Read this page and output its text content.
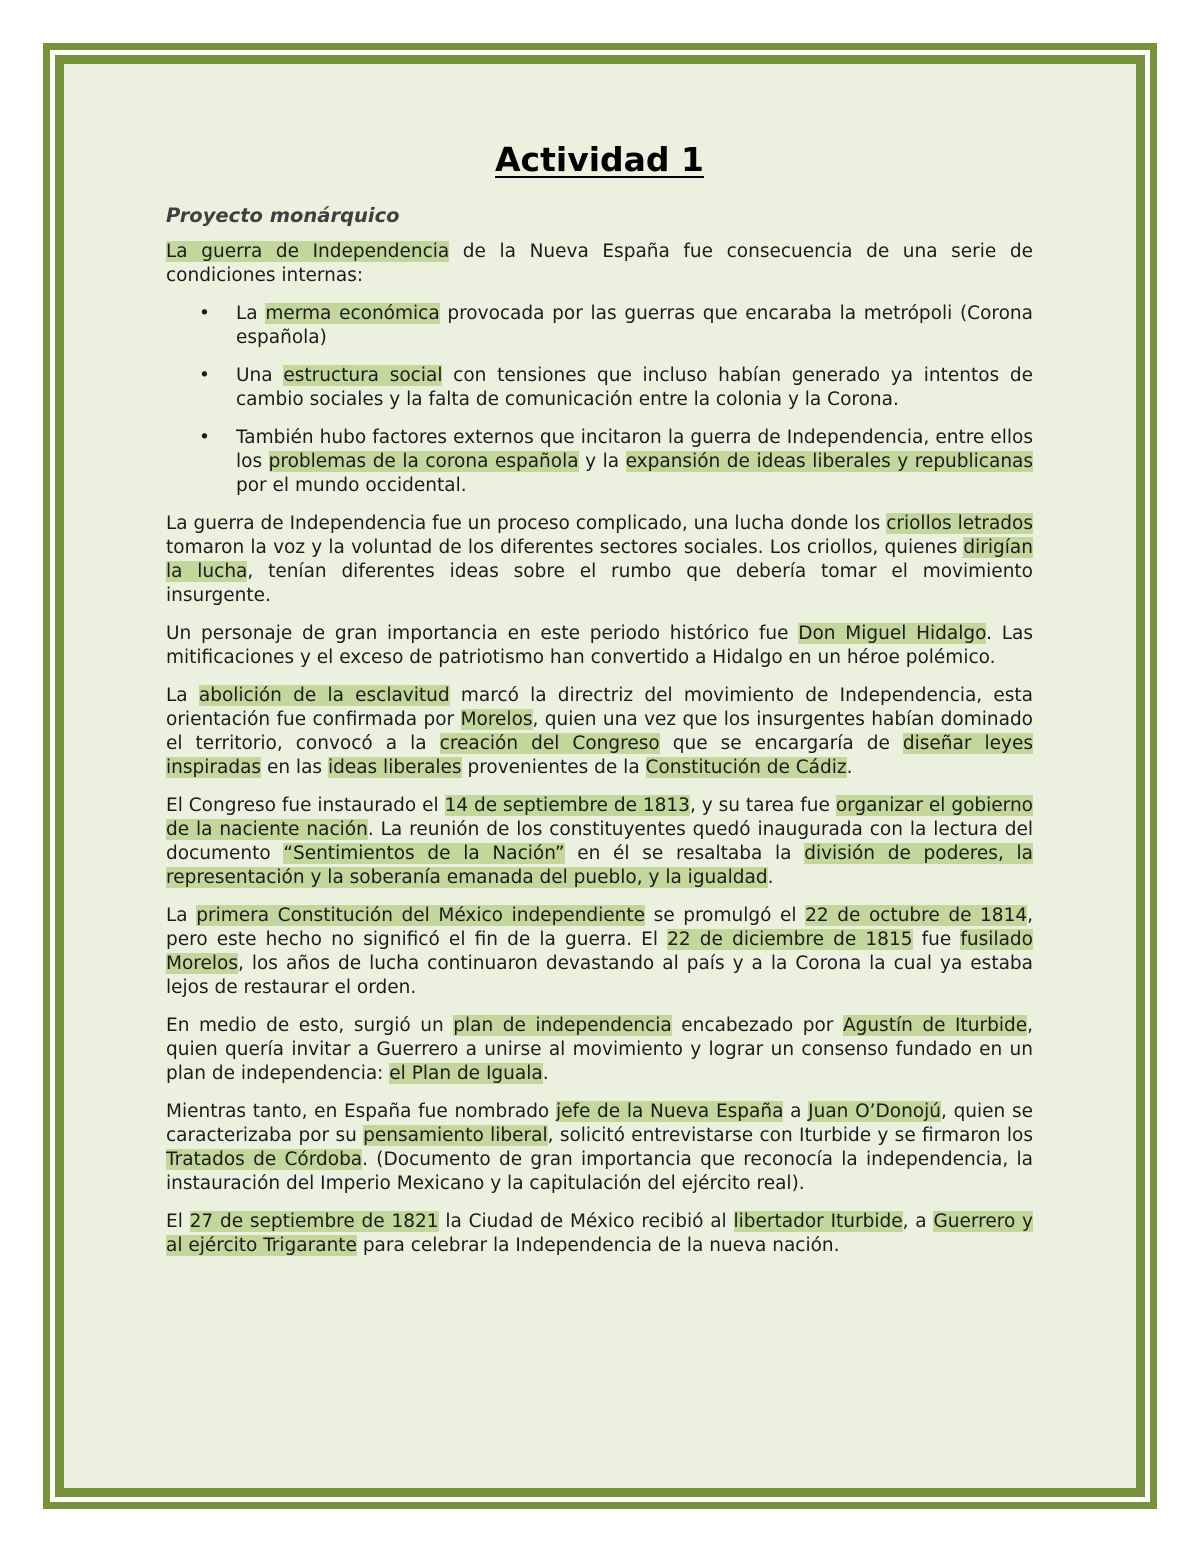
Actividad 1
Proyecto monárquico

La guerra de Independencia de la Nueva España fue consecuencia de una serie de condiciones internas:

• La merma económica provocada por las guerras que encaraba la metrópoli (Corona española)
• Una estructura social con tensiones que incluso habían generado ya intentos de cambio sociales y la falta de comunicación entre la colonia y la Corona.
• También hubo factores externos que incitaron la guerra de Independencia, entre ellos los problemas de la corona española y la expansión de ideas liberales y republicanas por el mundo occidental.

La guerra de Independencia fue un proceso complicado, una lucha donde los criollos letrados tomaron la voz y la voluntad de los diferentes sectores sociales. Los criollos, quienes dirigían la lucha, tenían diferentes ideas sobre el rumbo que debería tomar el movimiento insurgente.

Un personaje de gran importancia en este periodo histórico fue Don Miguel Hidalgo. Las mitificaciones y el exceso de patriotismo han convertido a Hidalgo en un héroe polémico.

La abolición de la esclavitud marcó la directriz del movimiento de Independencia, esta orientación fue confirmada por Morelos, quien una vez que los insurgentes habían dominado el territorio, convocó a la creación del Congreso que se encargaría de diseñar leyes inspiradas en las ideas liberales provenientes de la Constitución de Cádiz.

El Congreso fue instaurado el 14 de septiembre de 1813, y su tarea fue organizar el gobierno de la naciente nación. La reunión de los constituyentes quedó inaugurada con la lectura del documento “Sentimientos de la Nación” en él se resaltaba la división de poderes, la representación y la soberanía emanada del pueblo, y la igualdad.

La primera Constitución del México independiente se promulgó el 22 de octubre de 1814, pero este hecho no significó el fin de la guerra. El 22 de diciembre de 1815 fue fusilado Morelos, los años de lucha continuaron devastando al país y a la Corona la cual ya estaba lejos de restaurar el orden.

En medio de esto, surgió un plan de independencia encabezado por Agustín de Iturbide, quien quería invitar a Guerrero a unirse al movimiento y lograr un consenso fundado en un plan de independencia: el Plan de Iguala.

Mientras tanto, en España fue nombrado jefe de la Nueva España a Juan O’Donojú, quien se caracterizaba por su pensamiento liberal, solicitó entrevistarse con Iturbide y se firmaron los Tratados de Córdoba. (Documento de gran importancia que reconocía la independencia, la instauración del Imperio Mexicano y la capitulación del ejército real).

El 27 de septiembre de 1821 la Ciudad de México recibió al libertador Iturbide, a Guerrero y al ejército Trigarante para celebrar la Independencia de la nueva nación.
